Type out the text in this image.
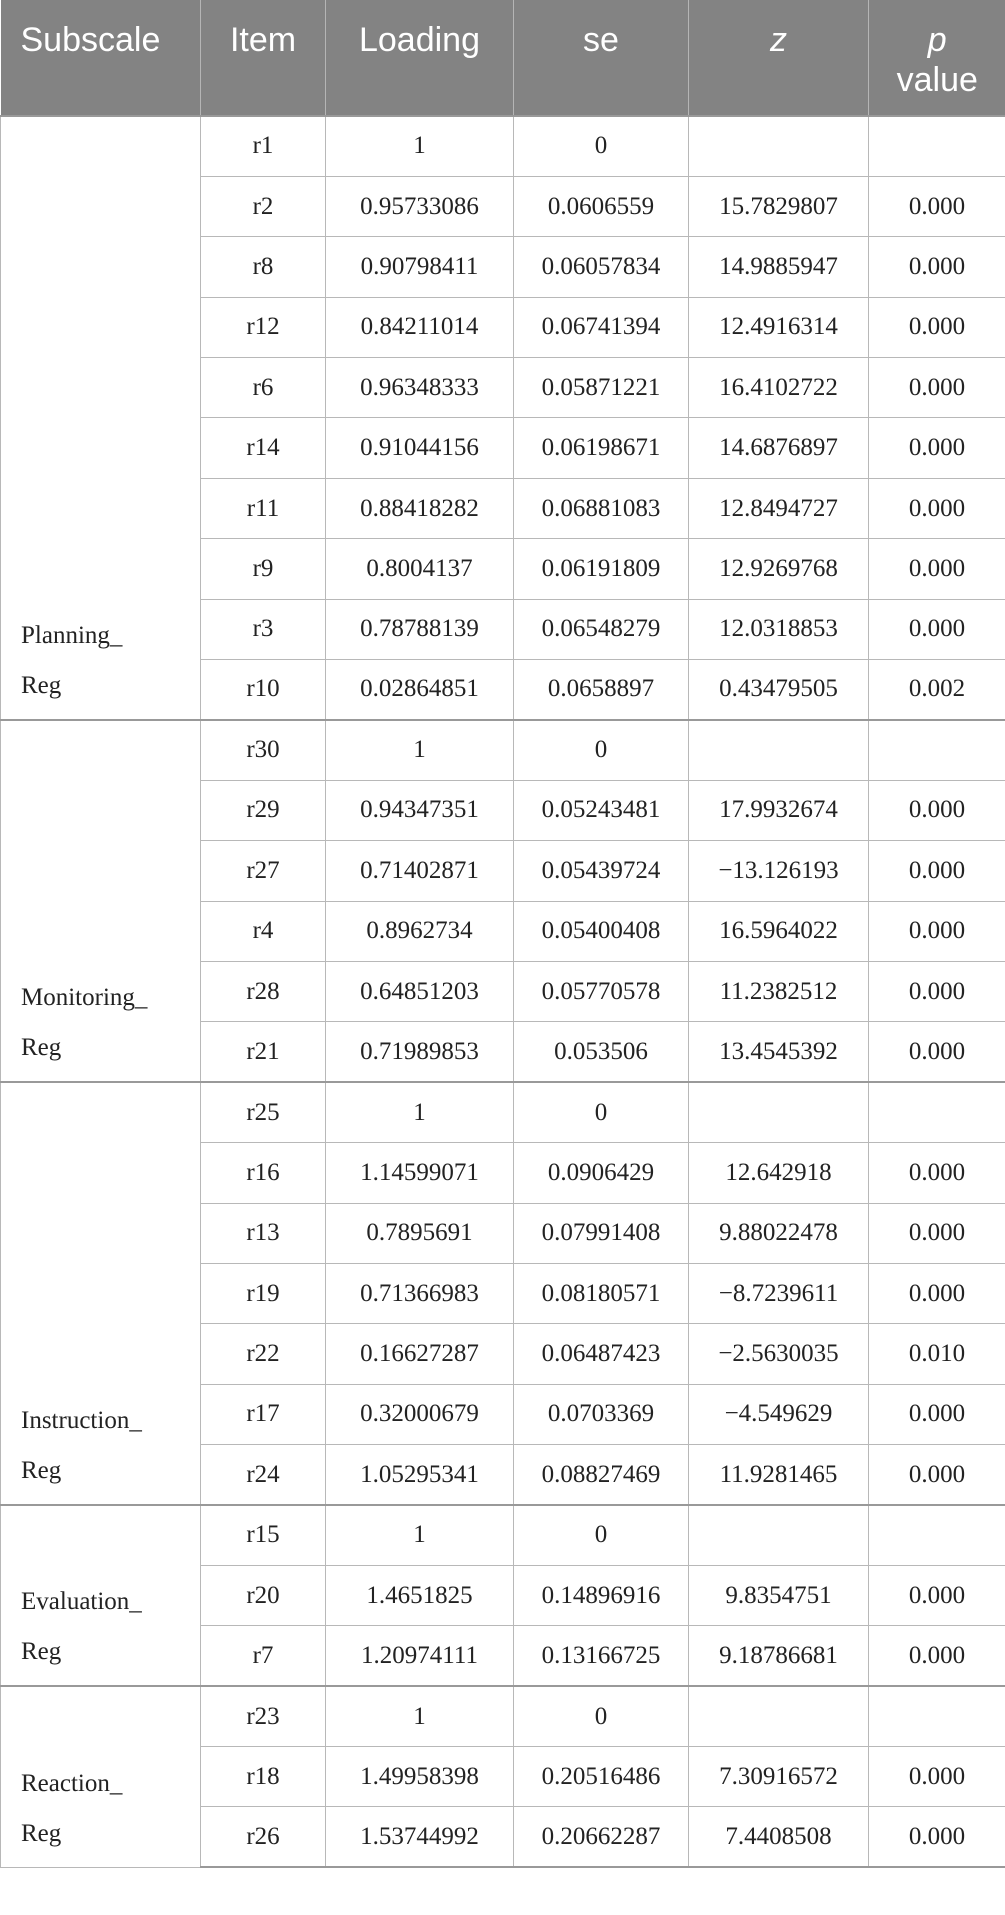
Subscale	Item	Loading	se	z	p
value

Planning_
Reg	r1	1	0		
	r2	0.95733086	0.0606559	15.7829807	0.000
	r8	0.90798411	0.06057834	14.9885947	0.000
	r12	0.84211014	0.06741394	12.4916314	0.000
	r6	0.96348333	0.05871221	16.4102722	0.000
	r14	0.91044156	0.06198671	14.6876897	0.000
	r11	0.88418282	0.06881083	12.8494727	0.000
	r9	0.8004137	0.06191809	12.9269768	0.000
	r3	0.78788139	0.06548279	12.0318853	0.000
	r10	0.02864851	0.0658897	0.43479505	0.002

Monitoring_
Reg	r30	1	0		
	r29	0.94347351	0.05243481	17.9932674	0.000
	r27	0.71402871	0.05439724	−13.126193	0.000
	r4	0.8962734	0.05400408	16.5964022	0.000
	r28	0.64851203	0.05770578	11.2382512	0.000
	r21	0.71989853	0.053506	13.4545392	0.000

Instruction_
Reg	r25	1	0		
	r16	1.14599071	0.0906429	12.642918	0.000
	r13	0.7895691	0.07991408	9.88022478	0.000
	r19	0.71366983	0.08180571	−8.7239611	0.000
	r22	0.16627287	0.06487423	−2.5630035	0.010
	r17	0.32000679	0.0703369	−4.549629	0.000
	r24	1.05295341	0.08827469	11.9281465	0.000

Evaluation_
Reg	r15	1	0		
	r20	1.4651825	0.14896916	9.8354751	0.000
	r7	1.20974111	0.13166725	9.18786681	0.000

Reaction_
Reg	r23	1	0		
	r18	1.49958398	0.20516486	7.30916572	0.000
	r26	1.53744992	0.20662287	7.4408508	0.000
